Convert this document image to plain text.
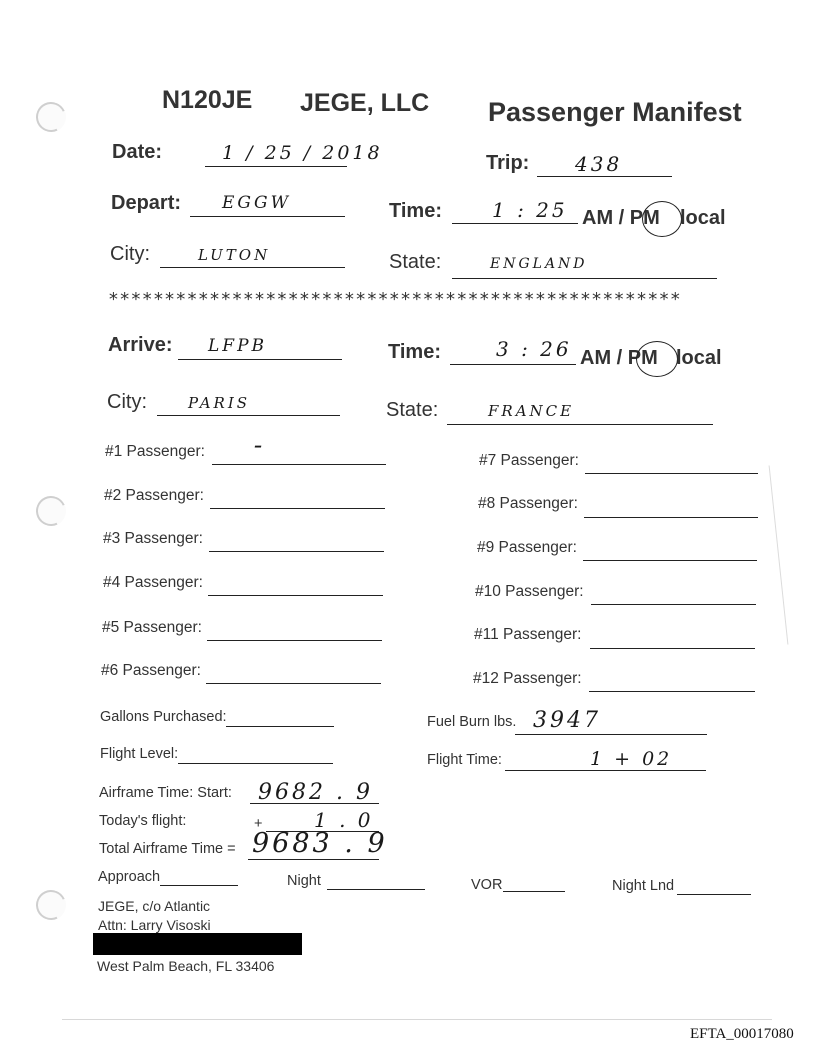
N120JE JEGE, LLC Passenger Manifest
Date:	1 / 25 / 2018	Trip: 438
Depart: EGGW	Time:	1 : 25 AM / PM local
City:	LUTON	State:	ENGLAND
***************************************************
Arrive: LFPB	Time:	3 : 26 AM / PM local
City:	PARIS	State:	FRANCE
#1 Passenger:	–
#2 Passenger:
#3 Passenger:
#4 Passenger:
#5 Passenger:
#6 Passenger:
#7 Passenger:
#8 Passenger:
#9 Passenger:
#10 Passenger:
#11 Passenger:
#12 Passenger:
Gallons Purchased:	Fuel Burn lbs. 3947
Flight Level:	Flight Time:	1 + 02
Airframe Time: Start: 9682 . 9
Today's flight:	+	1 . 0
Total Airframe Time = 9683 . 9
Approach	Night	VOR	Night Lnd
JEGE, c/o Atlantic
Attn: Larry Visoski
West Palm Beach, FL 33406
EFTA_00017080
